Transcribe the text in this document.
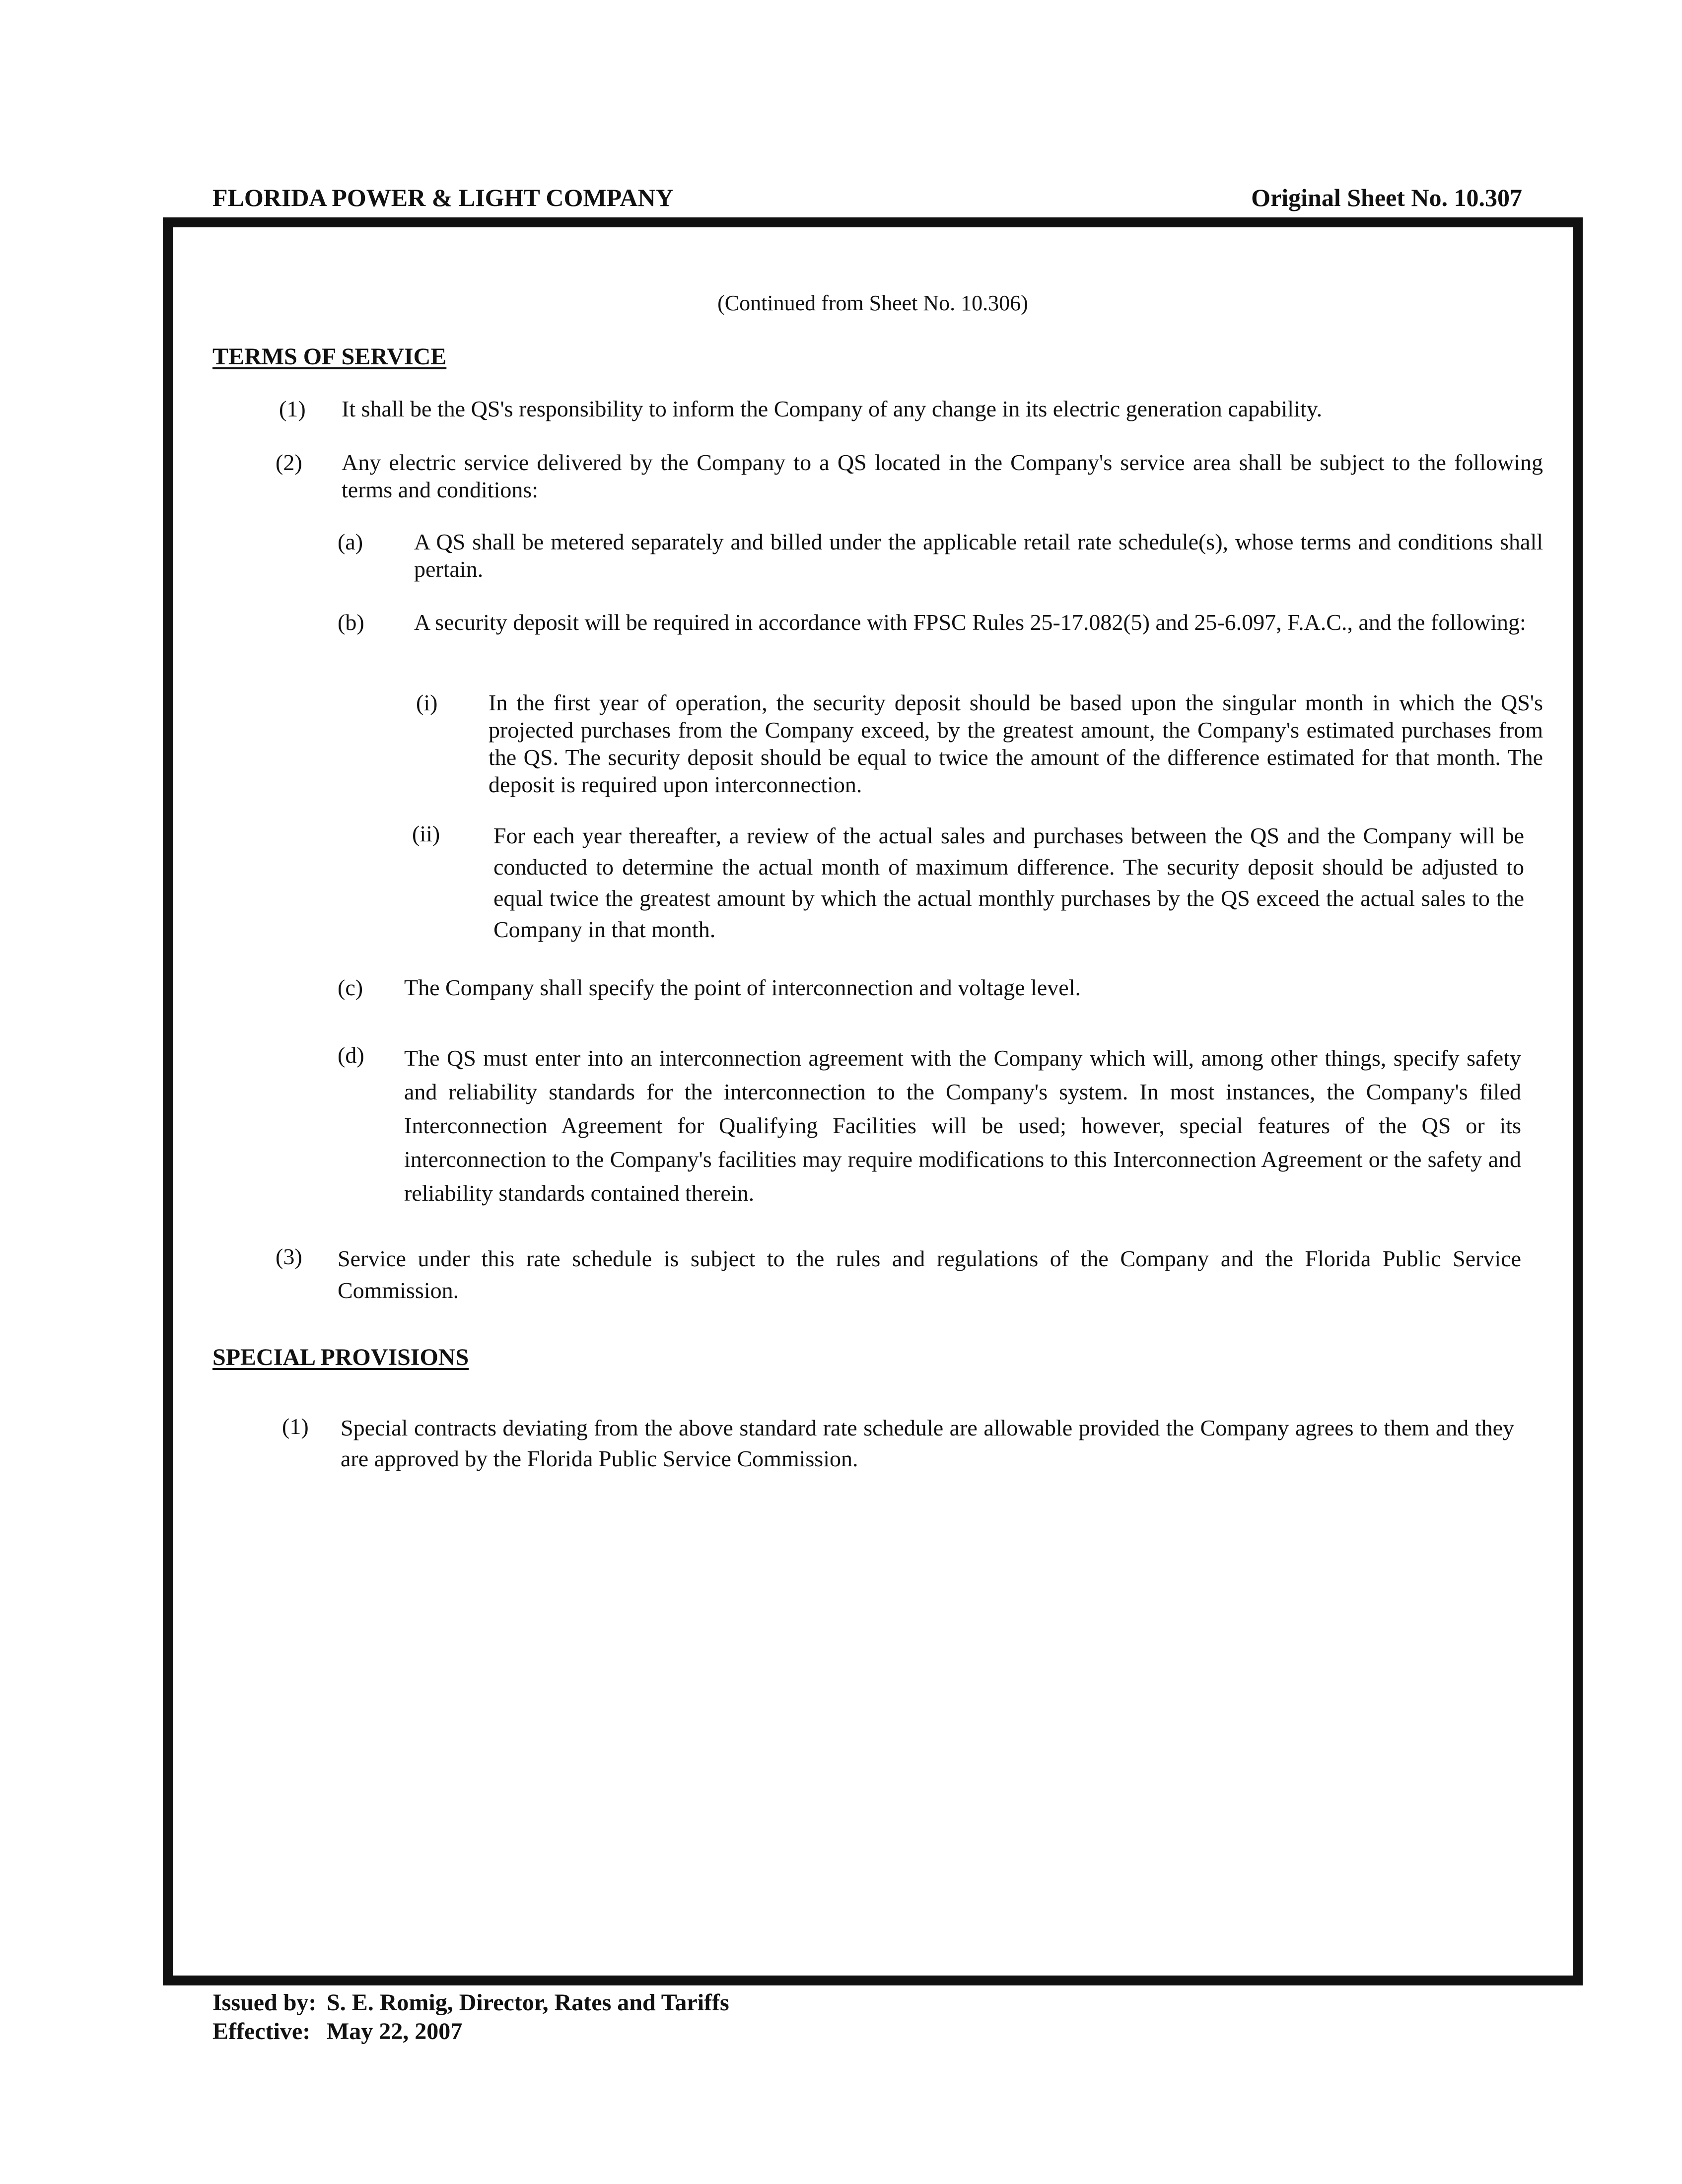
FLORIDA POWER & LIGHT COMPANY	Original Sheet No. 10.307
(Continued from Sheet No. 10.306)
TERMS OF SERVICE
(1) It shall be the QS's responsibility to inform the Company of any change in its electric generation capability.
(2) Any electric service delivered by the Company to a QS located in the Company's service area shall be subject to the following terms and conditions:
(a) A QS shall be metered separately and billed under the applicable retail rate schedule(s), whose terms and conditions shall pertain.
(b) A security deposit will be required in accordance with FPSC Rules 25-17.082(5) and 25-6.097, F.A.C., and the following:
(i) In the first year of operation, the security deposit should be based upon the singular month in which the QS's projected purchases from the Company exceed, by the greatest amount, the Company's estimated purchases from the QS. The security deposit should be equal to twice the amount of the difference estimated for that month. The deposit is required upon interconnection.
(ii) For each year thereafter, a review of the actual sales and purchases between the QS and the Company will be conducted to determine the actual month of maximum difference. The security deposit should be adjusted to equal twice the greatest amount by which the actual monthly purchases by the QS exceed the actual sales to the Company in that month.
(c) The Company shall specify the point of interconnection and voltage level.
(d) The QS must enter into an interconnection agreement with the Company which will, among other things, specify safety and reliability standards for the interconnection to the Company's system. In most instances, the Company's filed Interconnection Agreement for Qualifying Facilities will be used; however, special features of the QS or its interconnection to the Company's facilities may require modifications to this Interconnection Agreement or the safety and reliability standards contained therein.
(3) Service under this rate schedule is subject to the rules and regulations of the Company and the Florida Public Service Commission.
SPECIAL PROVISIONS
(1) Special contracts deviating from the above standard rate schedule are allowable provided the Company agrees to them and they are approved by the Florida Public Service Commission.
Issued by: S. E. Romig, Director, Rates and Tariffs
Effective: May 22, 2007
